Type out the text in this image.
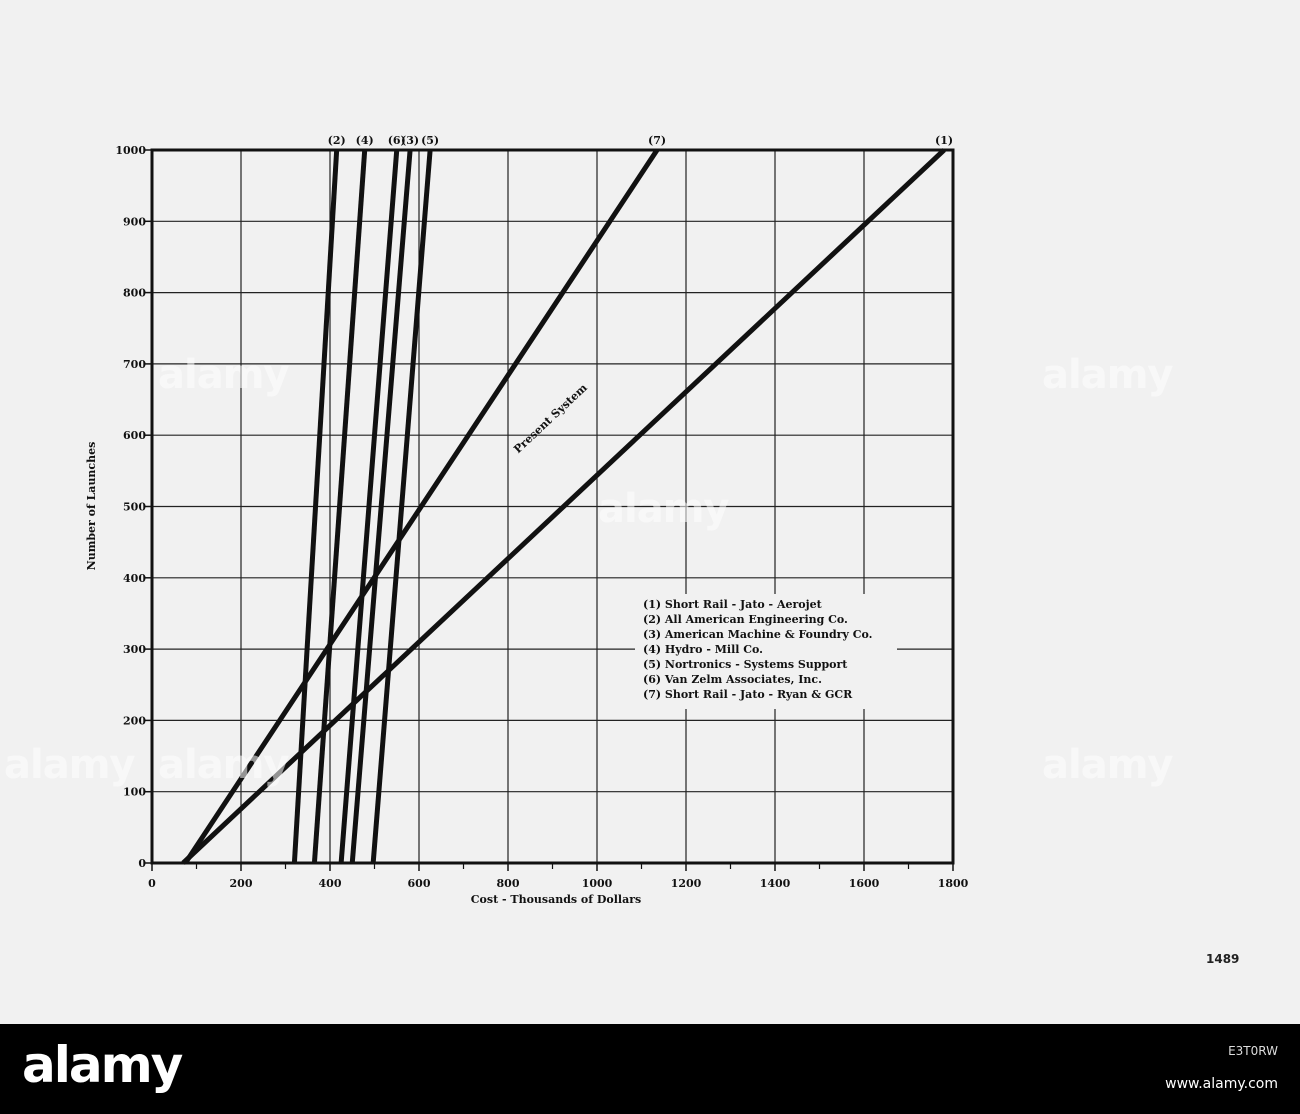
0	200	400	600	800	1000	1200	1400	1600	1800
0
100
200
300
400
500
600
700
800
900
1000
(1)
(2)	(3)
(4)	(5)
(6)	(7)
Present System
(1) Short Rail - Jato - Aerojet
(2) All American Engineering Co.
(3) American Machine & Foundry Co.
(4) Hydro - Mill Co.
(5) Nortronics - Systems Support
(6) Van Zelm Associates, Inc.
(7) Short Rail - Jato - Ryan & GCR
Cost - Thousands of Dollars
Number of Launches
alamy	alamy
alamy
alamy	alamy
alamy
1489
alamy	E3T0RW
www.alamy.com
